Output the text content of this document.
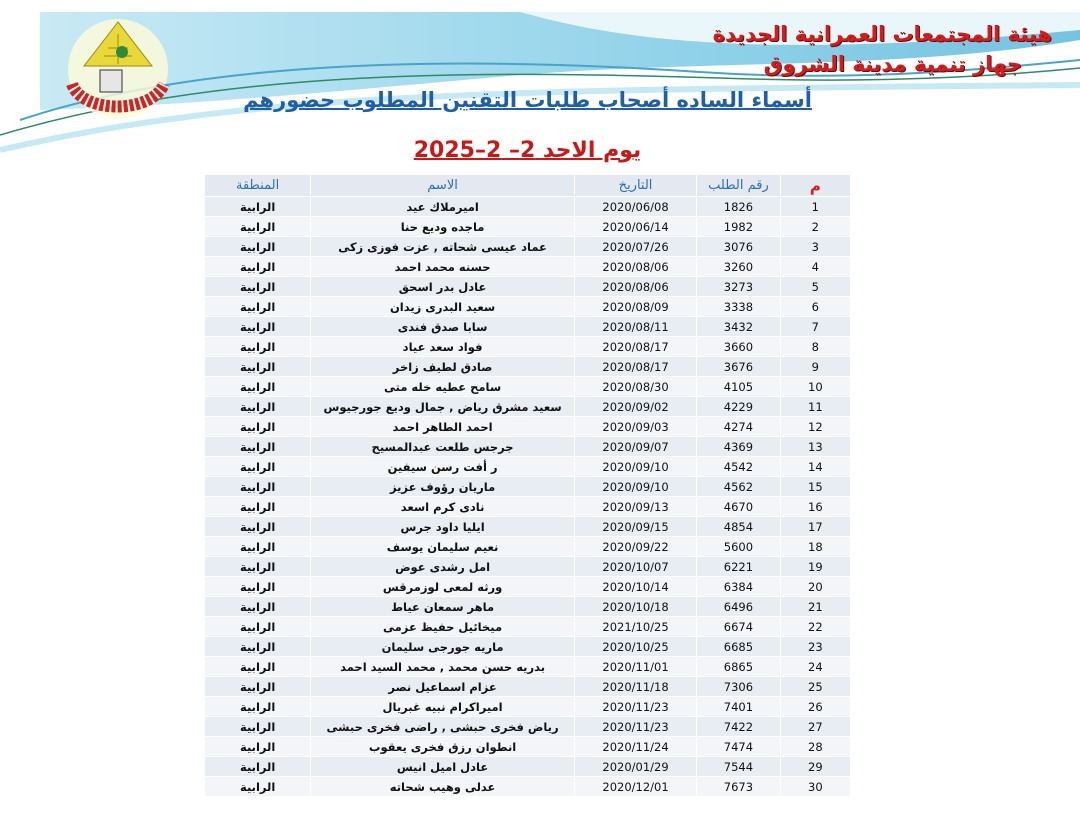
هيئة المجتمعات العمرانية الجديدة
جهاز تنمية مدينة الشروق
أسماء الساده أصحاب طلبات التقنين المطلوب حضورهم
يوم الاحد 2– 2–2025
م	رقم الطلب	التاريخ	الاسم	المنطقة
1	1826	2020/06/08	اميرملاك عيد	الرابية
2	1982	2020/06/14	ماجده وديع حنا	الرابية
3	3076	2020/07/26	عماد عيسى شحاته , عزت فوزى زكى	الرابية
4	3260	2020/08/06	حسنه محمد احمد	الرابية
5	3273	2020/08/06	عادل بدر اسحق	الرابية
6	3338	2020/08/09	سعيد البدرى زيدان	الرابية
7	3432	2020/08/11	سابا صدق فندى	الرابية
8	3660	2020/08/17	فواد سعد عياد	الرابية
9	3676	2020/08/17	صادق لطيف زاخر	الرابية
10	4105	2020/08/30	سامح عطيه خله متى	الرابية
11	4229	2020/09/02	سعيد مشرق رياض , جمال وديع جورجيوس	الرابية
12	4274	2020/09/03	احمد الطاهر احمد	الرابية
13	4369	2020/09/07	جرجس طلعت عبدالمسيح	الرابية
14	4542	2020/09/10	ر أفت رسن سيفين	الرابية
15	4562	2020/09/10	ماريان رؤوف عزيز	الرابية
16	4670	2020/09/13	نادى كرم اسعد	الرابية
17	4854	2020/09/15	ايليا داود جرس	الرابية
18	5600	2020/09/22	نعيم سليمان يوسف	الرابية
19	6221	2020/10/07	امل رشدى عوض	الرابية
20	6384	2020/10/14	ورثه لمعى لوزمرقس	الرابية
21	6496	2020/10/18	ماهر سمعان عياط	الرابية
22	6674	2021/10/25	ميخائيل حفيظ عزمى	الرابية
23	6685	2020/10/25	ماريه جورجى سليمان	الرابية
24	6865	2020/11/01	بدريه حسن محمد , محمد السيد احمد	الرابية
25	7306	2020/11/18	عزام اسماعيل نصر	الرابية
26	7401	2020/11/23	اميراكرام نبيه غبريال	الرابية
27	7422	2020/11/23	رياض فخرى حبشى , راضى فخرى حبشى	الرابية
28	7474	2020/11/24	انطوان رزق فخرى يعقوب	الرابية
29	7544	2020/01/29	عادل اميل انيس	الرابية
30	7673	2020/12/01	عدلى وهيب شحاته	الرابية
